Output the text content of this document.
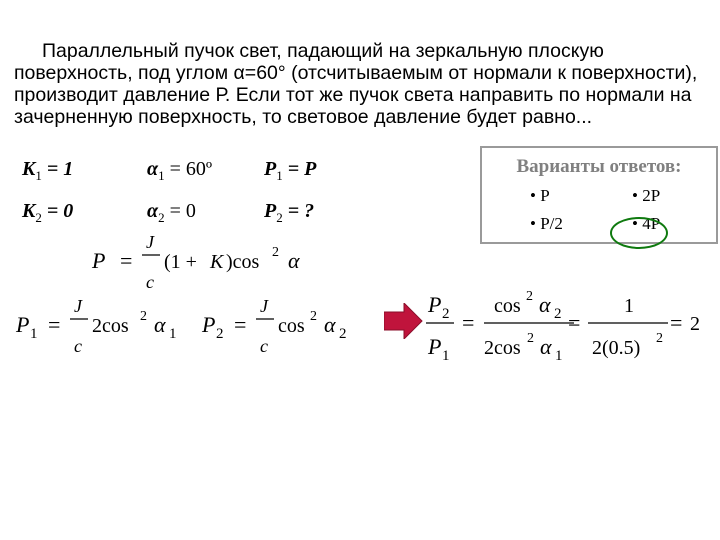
Параллельный пучок свет, падающий на зеркальную плоскую поверхность, под углом α=60° (отсчитываемым от нормали к поверхности), производит давление Р. Если тот же пучок света направить по нормали на зачерненную поверхность, то световое давление будет равно...
$K_1 = 1$	$\alpha_1$ = 60º	$P_1 = P$
$K_2 = 0$	$\alpha_2 = 0$	$P_2$ = ?
P =
J
c
(1 + K )cos 2 α
P 1 =
J
c
2cos 2 α 1 P 2 =
J
c
cos 2 α 2
P 2
P 1
=
cos 2 α 2
2cos 2 α 1
=
1
2(0.5) 2
= 2
Варианты ответов:
• P	• 2P
• P/2	• 4P
